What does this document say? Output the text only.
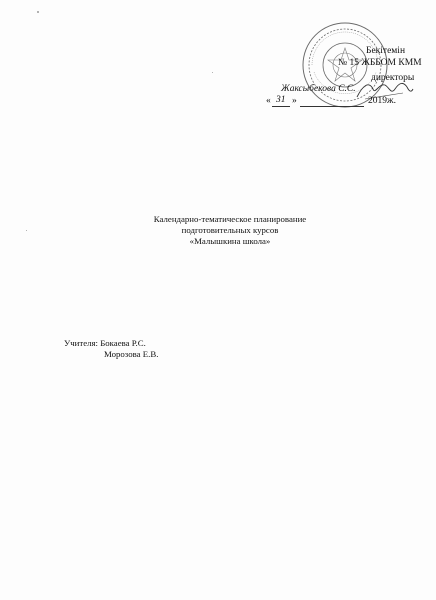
Бекітемін
№ 15 ЖББОМ КММ
директоры
Жаксыбекова С.С.
« 31 »	2019ж.
Календарно-тематическое планирование
подготовительных курсов
«Малышкина школа»
Учителя: Бокаева Р.С.
Морозова Е.В.
